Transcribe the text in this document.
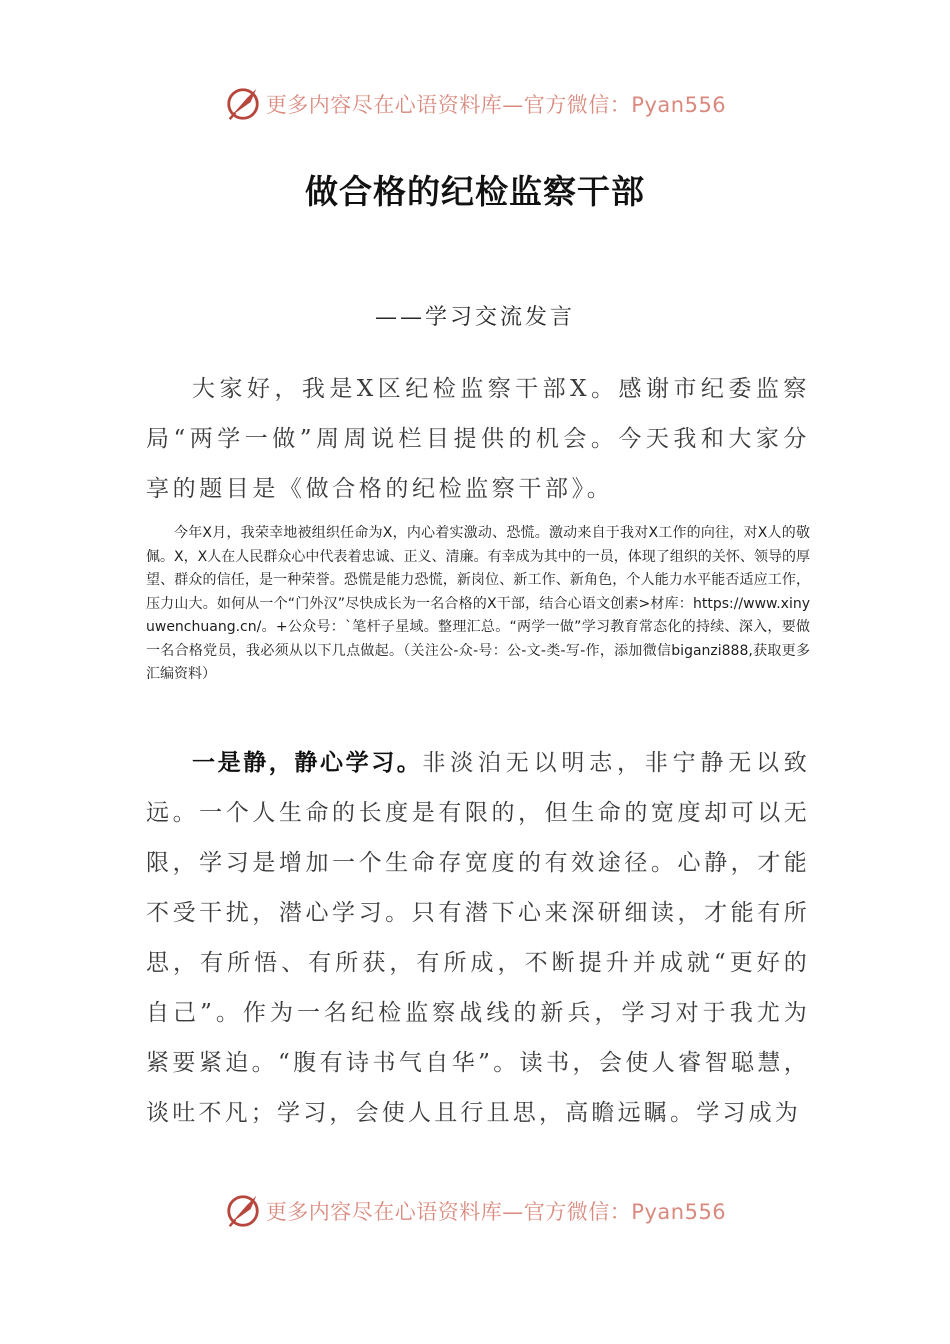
更多内容尽在心语资料库—官方微信：Pyan556
做合格的纪检监察干部
——学习交流发言

大家好，我是X区纪检监察干部X。感谢市纪委监察局“两学一做”周周说栏目提供的机会。今天我和大家分享的题目是《做合格的纪检监察干部》。

今年X月，我荣幸地被组织任命为X，内心着实激动、恐慌。激动来自于我对X工作的向往，对X人的敬佩。X，X人在人民群众心中代表着忠诚、正义、清廉。有幸成为其中的一员，体现了组织的关怀、领导的厚望、群众的信任，是一种荣誉。恐慌是能力恐慌，新岗位、新工作、新角色，个人能力水平能否适应工作，压力山大。如何从一个“门外汉”尽快成长为一名合格的X干部，结合心语文创素>材库：https://www.xinyuwenchuang.cn/。+公众号：`笔杆子星域。整理汇总。“两学一做”学习教育常态化的持续、深入，要做一名合格党员，我必须从以下几点做起。（关注公-众-号：公-文-类-写-作，添加微信biganzi888,获取更多汇编资料）

一是静，静心学习。非淡泊无以明志，非宁静无以致远。一个人生命的长度是有限的，但生命的宽度却可以无限，学习是增加一个生命存宽度的有效途径。心静，才能不受干扰，潜心学习。只有潜下心来深研细读，才能有所思，有所悟、有所获，有所成，不断提升并成就“更好的自己”。作为一名纪检监察战线的新兵，学习对于我尤为紧要紧迫。“腹有诗书气自华”。读书，会使人睿智聪慧，谈吐不凡；学习，会使人且行且思，高瞻远瞩。学习成为

更多内容尽在心语资料库—官方微信：Pyan556
